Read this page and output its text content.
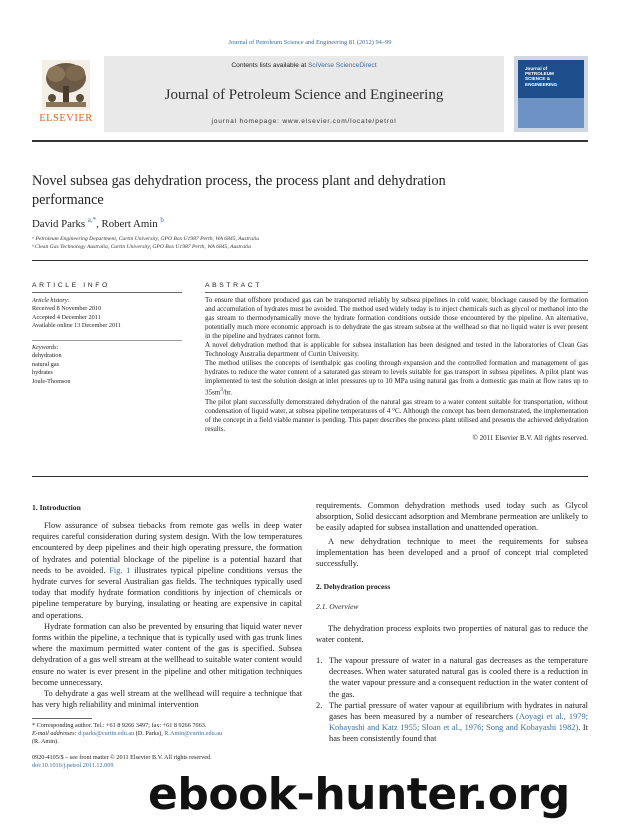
Journal of Petroleum Science and Engineering 81 (2012) 94–99
ELSEVIER
Contents lists available at SciVerse ScienceDirect
Journal of Petroleum Science and Engineering
journal homepage: www.elsevier.com/locate/petrol
Journal of
PETROLEUM
SCIENCE &
ENGINEERING
Novel subsea gas dehydration process, the process plant and dehydration performance
David Parks $^{a,*}$, Robert Amin $^b$
ᵃ Petroleum Engineering Department, Curtin University, GPO Box U1987 Perth, WA 6845, Australia
ᵇ Clean Gas Technology Australia, Curtin University, GPO Box U1987 Perth, WA 6845, Australia
ARTICLE INFO	ABSTRACT
Article history:
Received 8 November 2010
Accepted 4 December 2011
Available online 13 December 2011
Keywords:
dehydration
natural gas
hydrates
Joule-Thomson

To ensure that offshore produced gas can be transported reliably by subsea pipelines in cold water, blockage caused by the formation and accumulation of hydrates must be avoided. The method used widely today is to inject chemicals such as glycol or methanol into the gas stream to thermodynamically move the hydrate formation conditions outside those encountered by the pipeline. An alternative, potentially much more economic approach is to dehydrate the gas stream subsea at the wellhead so that no liquid water is ever present in the pipeline and hydrates cannot form.

A novel dehydration method that is applicable for subsea installation has been designed and tested in the laboratories of Clean Gas Technology Australia department of Curtin University.

The method utilises the concepts of isenthalpic gas cooling through expansion and the controlled formation and management of gas hydrates to reduce the water content of a saturated gas stream to levels suitable for gas transport in subsea pipelines. A pilot plant was implemented to test the solution design at inlet pressures up to 10 MPa using natural gas from a domestic gas main at flow rates up to $35sm^3/hr$.

The pilot plant successfully demonstrated dehydration of the natural gas stream to a water content suitable for transportation, without condensation of liquid water, at subsea pipeline temperatures of 4 °C. Although the concept has been demonstrated, the implementation of the concept in a field viable manner is pending. This paper describes the process plant utilised and presents the achieved dehydration results.

© 2011 Elsevier B.V. All rights reserved.

1. Introduction

Flow assurance of subsea tiebacks from remote gas wells in deep water requires careful consideration during system design. With the low temperatures encountered by deep pipelines and their high operating pressure, the formation of hydrates and potential blockage of the pipeline is a potential hazard that needs to be avoided. Fig. 1 illustrates typical pipeline conditions versus the hydrate curves for several Australian gas fields. The techniques typically used today that modify hydrate formation conditions by injection of chemicals or pipeline temperature by burying, insulating or heating are expensive in capital and operations.

Hydrate formation can also be prevented by ensuring that liquid water never forms within the pipeline, a technique that is typically used with gas trunk lines where the maximum permitted water content of the gas is specified. Subsea dehydration of a gas well stream at the wellhead to suitable water content would ensure no water is ever present in the pipeline and other mitigation techniques become unnecessary.

To dehydrate a gas well stream at the wellhead will require a technique that has very high reliability and minimal intervention

requirements. Common dehydration methods used today such as Glycol absorption, Solid desiccant adsorption and Membrane permeation are unlikely to be easily adapted for subsea installation and unattended operation.

A new dehydration technique to meet the requirements for subsea implementation has been developed and a proof of concept trial completed successfully.

2. Dehydration process
2.1. Overview

The dehydration process exploits two properties of natural gas to reduce the water content.

1. The vapour pressure of water in a natural gas decreases as the temperature decreases. When water saturated natural gas is cooled there is a reduction in the water vapour pressure and a consequent reduction in the water content of the gas.
2. The partial pressure of water vapour at equilibrium with hydrates in natural gases has been measured by a number of researchers (Aoyagi et al., 1979; Kobayashi and Katz 1955; Sloan et al., 1976; Song and Kobayashi 1982). It has been consistently found that
* Corresponding author. Tel.: +61 8 9266 3497; fax: +61 8 9266 7063.
E-mail addresses: d.parks@curtin.edu.au (D. Parks), R.Amin@curtin.edu.au
(R. Amin).
0920-4105/$ – see front matter © 2011 Elsevier B.V. All rights reserved.
doi:10.1016/j.petrol.2011.12.009
ebook-hunter.org
